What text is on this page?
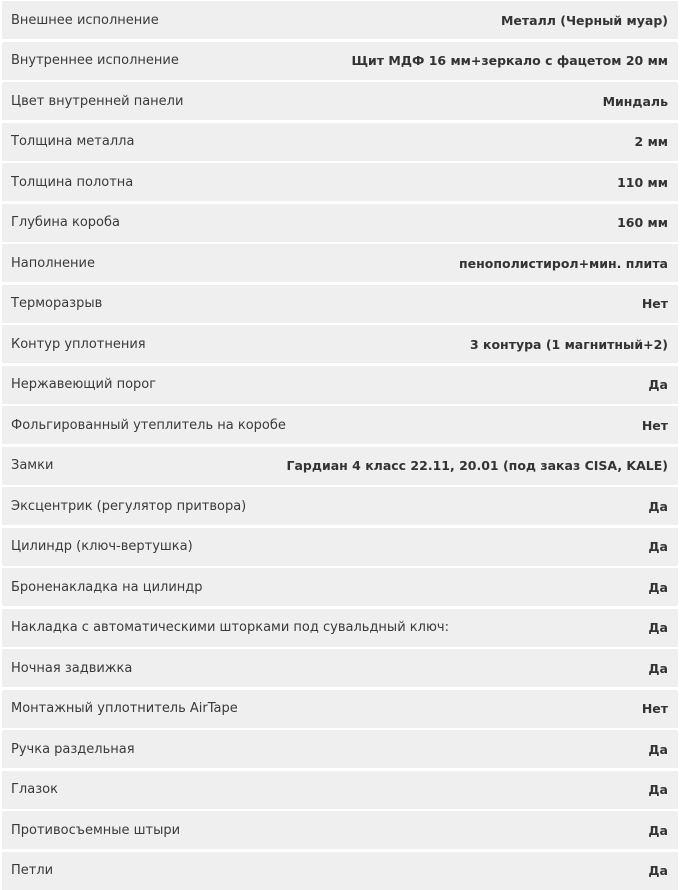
Внешнее исполнение	Металл (Черный муар)
Внутреннее исполнение	Щит МДФ 16 мм+зеркало с фацетом 20 мм
Цвет внутренней панели	Миндаль
Толщина металла	2 мм
Толщина полотна	110 мм
Глубина короба	160 мм
Наполнение	пенополистирол+мин. плита
Терморазрыв	Нет
Контур уплотнения	3 контура (1 магнитный+2)
Нержавеющий порог	Да
Фольгированный утеплитель на коробе	Нет
Замки	Гардиан 4 класс 22.11, 20.01 (под заказ CISA, KALE)
Эксцентрик (регулятор притвора)	Да
Цилиндр (ключ-вертушка)	Да
Броненакладка на цилиндр	Да
Накладка с автоматическими шторками под сувальдный ключ:	Да
Ночная задвижка	Да
Монтажный уплотнитель AirTape	Нет
Ручка раздельная	Да
Глазок	Да
Противосъемные штыри	Да
Петли	Да
